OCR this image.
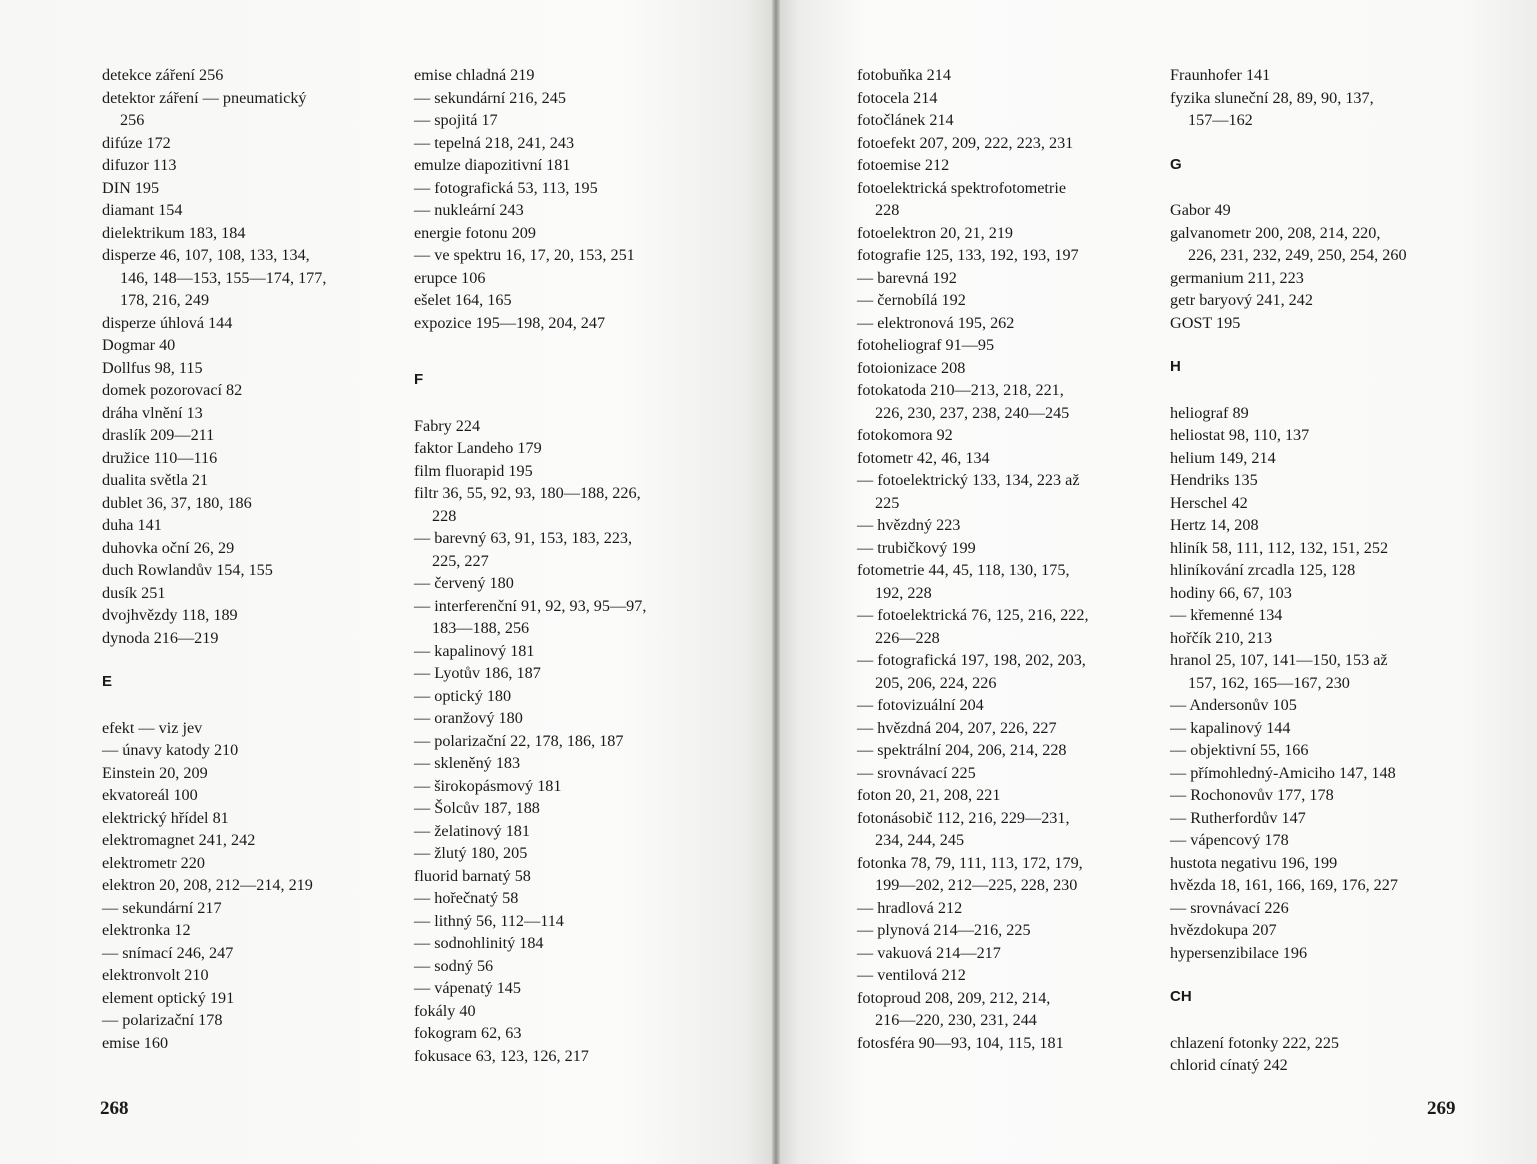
detekce záření 256
detektor záření — pneumatický
256
difúze 172
difuzor 113
DIN 195
diamant 154
dielektrikum 183, 184
disperze 46, 107, 108, 133, 134,
146, 148—153, 155—174, 177,
178, 216, 249
disperze úhlová 144
Dogmar 40
Dollfus 98, 115
domek pozorovací 82
dráha vlnění 13
draslík 209—211
družice 110—116
dualita světla 21
dublet 36, 37, 180, 186
duha 141
duhovka oční 26, 29
duch Rowlandův 154, 155
dusík 251
dvojhvězdy 118, 189
dynoda 216—219
E
efekt — viz jev
— únavy katody 210
Einstein 20, 209
ekvatoreál 100
elektrický hřídel 81
elektromagnet 241, 242
elektrometr 220
elektron 20, 208, 212—214, 219
— sekundární 217
elektronka 12
— snímací 246, 247
elektronvolt 210
element optický 191
— polarizační 178
emise 160
emise chladná 219
— sekundární 216, 245
— spojitá 17
— tepelná 218, 241, 243
emulze diapozitivní 181
— fotografická 53, 113, 195
— nukleární 243
energie fotonu 209
— ve spektru 16, 17, 20, 153, 251
erupce 106
ešelet 164, 165
expozice 195—198, 204, 247
F
Fabry 224
faktor Landeho 179
film fluorapid 195
filtr 36, 55, 92, 93, 180—188, 226,
228
— barevný 63, 91, 153, 183, 223,
225, 227
— červený 180
— interferenční 91, 92, 93, 95—97,
183—188, 256
— kapalinový 181
— Lyotův 186, 187
— optický 180
— oranžový 180
— polarizační 22, 178, 186, 187
— skleněný 183
— širokopásmový 181
— Šolcův 187, 188
— želatinový 181
— žlutý 180, 205
fluorid barnatý 58
— hořečnatý 58
— lithný 56, 112—114
— sodnohlinitý 184
— sodný 56
— vápenatý 145
fokály 40
fokogram 62, 63
fokusace 63, 123, 126, 217
fotobuňka 214
fotocela 214
fotočlánek 214
fotoefekt 207, 209, 222, 223, 231
fotoemise 212
fotoelektrická spektrofotometrie
228
fotoelektron 20, 21, 219
fotografie 125, 133, 192, 193, 197
— barevná 192
— černobílá 192
— elektronová 195, 262
fotoheliograf 91—95
fotoionizace 208
fotokatoda 210—213, 218, 221,
226, 230, 237, 238, 240—245
fotokomora 92
fotometr 42, 46, 134
— fotoelektrický 133, 134, 223 až
225
— hvězdný 223
— trubičkový 199
fotometrie 44, 45, 118, 130, 175,
192, 228
— fotoelektrická 76, 125, 216, 222,
226—228
— fotografická 197, 198, 202, 203,
205, 206, 224, 226
— fotovizuální 204
— hvězdná 204, 207, 226, 227
— spektrální 204, 206, 214, 228
— srovnávací 225
foton 20, 21, 208, 221
fotonásobič 112, 216, 229—231,
234, 244, 245
fotonka 78, 79, 111, 113, 172, 179,
199—202, 212—225, 228, 230
— hradlová 212
— plynová 214—216, 225
— vakuová 214—217
— ventilová 212
fotoproud 208, 209, 212, 214,
216—220, 230, 231, 244
fotosféra 90—93, 104, 115, 181
Fraunhofer 141
fyzika sluneční 28, 89, 90, 137,
157—162
G
Gabor 49
galvanometr 200, 208, 214, 220,
226, 231, 232, 249, 250, 254, 260
germanium 211, 223
getr baryový 241, 242
GOST 195
H
heliograf 89
heliostat 98, 110, 137
helium 149, 214
Hendriks 135
Herschel 42
Hertz 14, 208
hliník 58, 111, 112, 132, 151, 252
hliníkování zrcadla 125, 128
hodiny 66, 67, 103
— křemenné 134
hořčík 210, 213
hranol 25, 107, 141—150, 153 až
157, 162, 165—167, 230
— Andersonův 105
— kapalinový 144
— objektivní 55, 166
— přímohledný-Amiciho 147, 148
— Rochonovův 177, 178
— Rutherfordův 147
— vápencový 178
hustota negativu 196, 199
hvězda 18, 161, 166, 169, 176, 227
— srovnávací 226
hvězdokupa 207
hypersenzibilace 196
CH
chlazení fotonky 222, 225
chlorid cínatý 242
268	269
